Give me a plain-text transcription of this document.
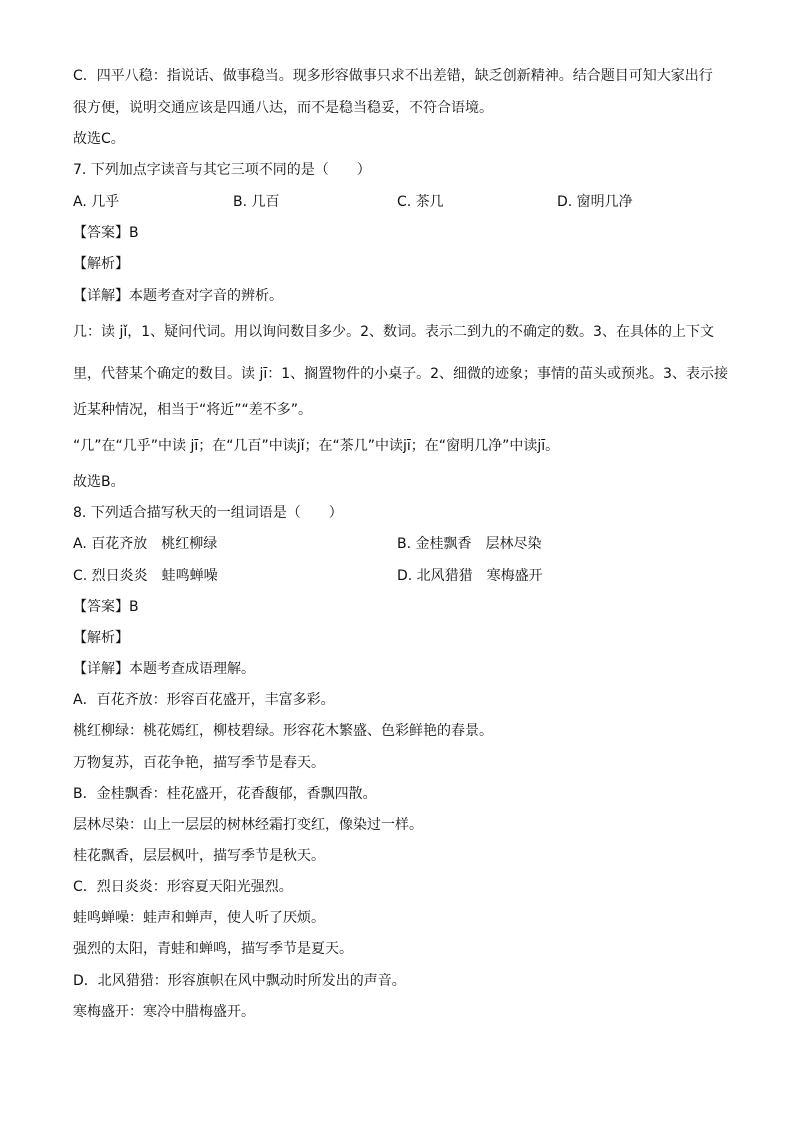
C．四平八稳：指说话、做事稳当。现多形容做事只求不出差错，缺乏创新精神。结合题目可知大家出行
很方便，说明交通应该是四通八达，而不是稳当稳妥，不符合语境。
故选C。
7. 下列加点字读音与其它三项不同的是（　　）
A. 几乎	B. 几百	C. 茶几	D. 窗明几净
【答案】B
【解析】
【详解】本题考查对字音的辨析。
几：读 jǐ，1、疑问代词。用以询问数目多少。2、数词。表示二到九的不确定的数。3、在具体的上下文
里，代替某个确定的数目。读 jī：1、搁置物件的小桌子。2、细微的迹象；事情的苗头或预兆。3、表示接
近某种情况，相当于“将近”“差不多”。
“几”在“几乎”中读 jī；在“几百”中读jǐ；在“茶几”中读jī；在“窗明几净”中读jī。
故选B。
8. 下列适合描写秋天的一组词语是（　　）
A. 百花齐放　桃红柳绿	B. 金桂飘香　层林尽染
C. 烈日炎炎　蛙鸣蝉噪	D. 北风猎猎　寒梅盛开
【答案】B
【解析】
【详解】本题考查成语理解。
A．百花齐放：形容百花盛开，丰富多彩。
桃红柳绿：桃花嫣红，柳枝碧绿。形容花木繁盛、色彩鲜艳的春景。
万物复苏，百花争艳，描写季节是春天。
B．金桂飘香：桂花盛开，花香馥郁，香飘四散。
层林尽染：山上一层层的树林经霜打变红，像染过一样。
桂花飘香，层层枫叶，描写季节是秋天。
C．烈日炎炎：形容夏天阳光强烈。
蛙鸣蝉噪：蛙声和蝉声，使人听了厌烦。
强烈的太阳，青蛙和蝉鸣，描写季节是夏天。
D．北风猎猎：形容旗帜在风中飘动时所发出的声音。
寒梅盛开：寒冷中腊梅盛开。
